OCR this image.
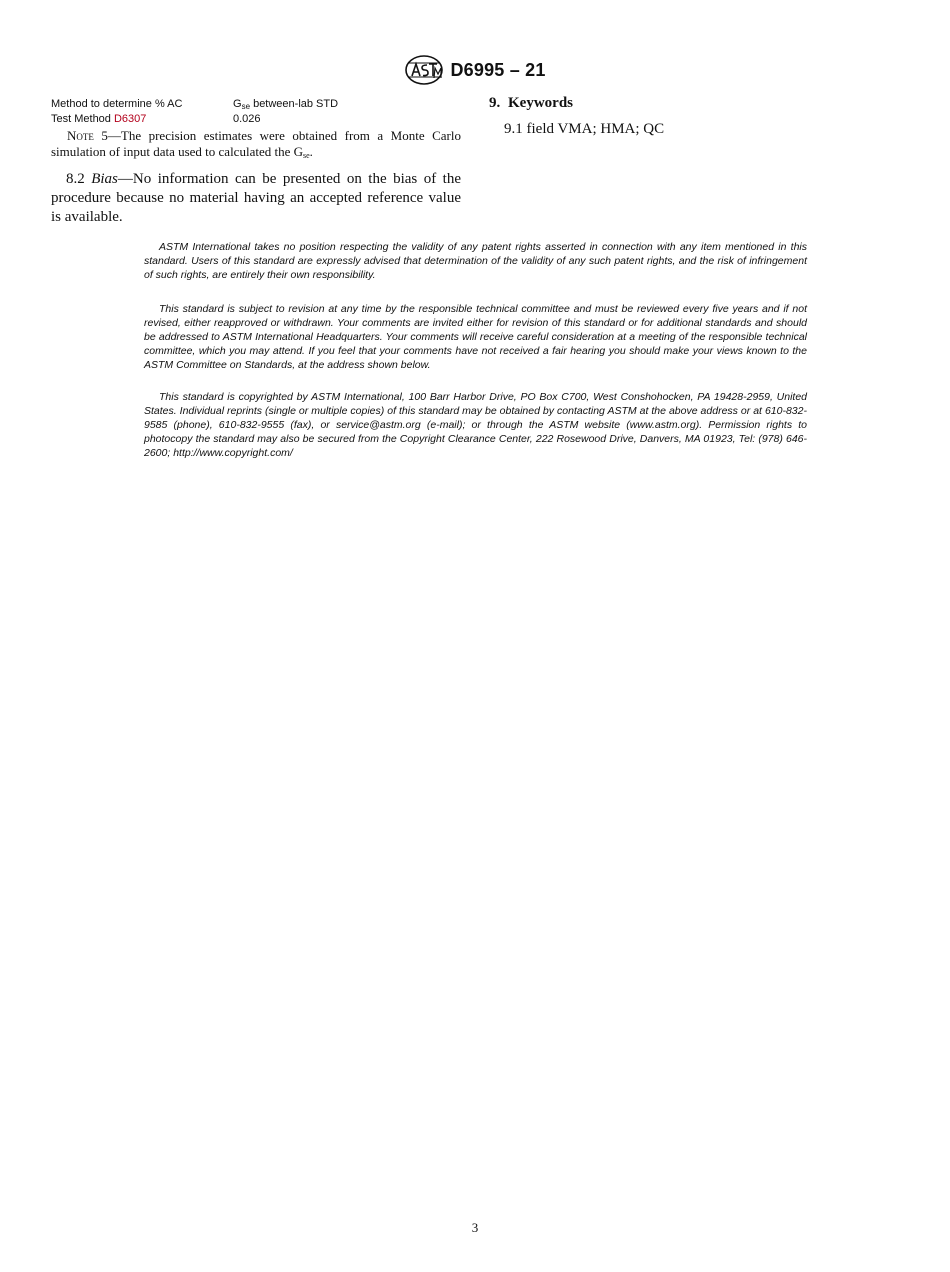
D6995 – 21
Method to determine % AC	$G_{se}$ between-lab STD
Test Method D6307	0.026
Note 5—The precision estimates were obtained from a Monte Carlo simulation of input data used to calculated the $G_{se}$.
8.2 Bias—No information can be presented on the bias of the procedure because no material having an accepted reference value is available.
9. Keywords
9.1 field VMA; HMA; QC

ASTM International takes no position respecting the validity of any patent rights asserted in connection with any item mentioned in this standard. Users of this standard are expressly advised that determination of the validity of any such patent rights, and the risk of infringement of such rights, are entirely their own responsibility.

This standard is subject to revision at any time by the responsible technical committee and must be reviewed every five years and if not revised, either reapproved or withdrawn. Your comments are invited either for revision of this standard or for additional standards and should be addressed to ASTM International Headquarters. Your comments will receive careful consideration at a meeting of the responsible technical committee, which you may attend. If you feel that your comments have not received a fair hearing you should make your views known to the ASTM Committee on Standards, at the address shown below.

This standard is copyrighted by ASTM International, 100 Barr Harbor Drive, PO Box C700, West Conshohocken, PA 19428-2959, United States. Individual reprints (single or multiple copies) of this standard may be obtained by contacting ASTM at the above address or at 610-832-9585 (phone), 610-832-9555 (fax), or service@astm.org (e-mail); or through the ASTM website (www.astm.org). Permission rights to photocopy the standard may also be secured from the Copyright Clearance Center, 222 Rosewood Drive, Danvers, MA 01923, Tel: (978) 646-2600; http://www.copyright.com/

3
